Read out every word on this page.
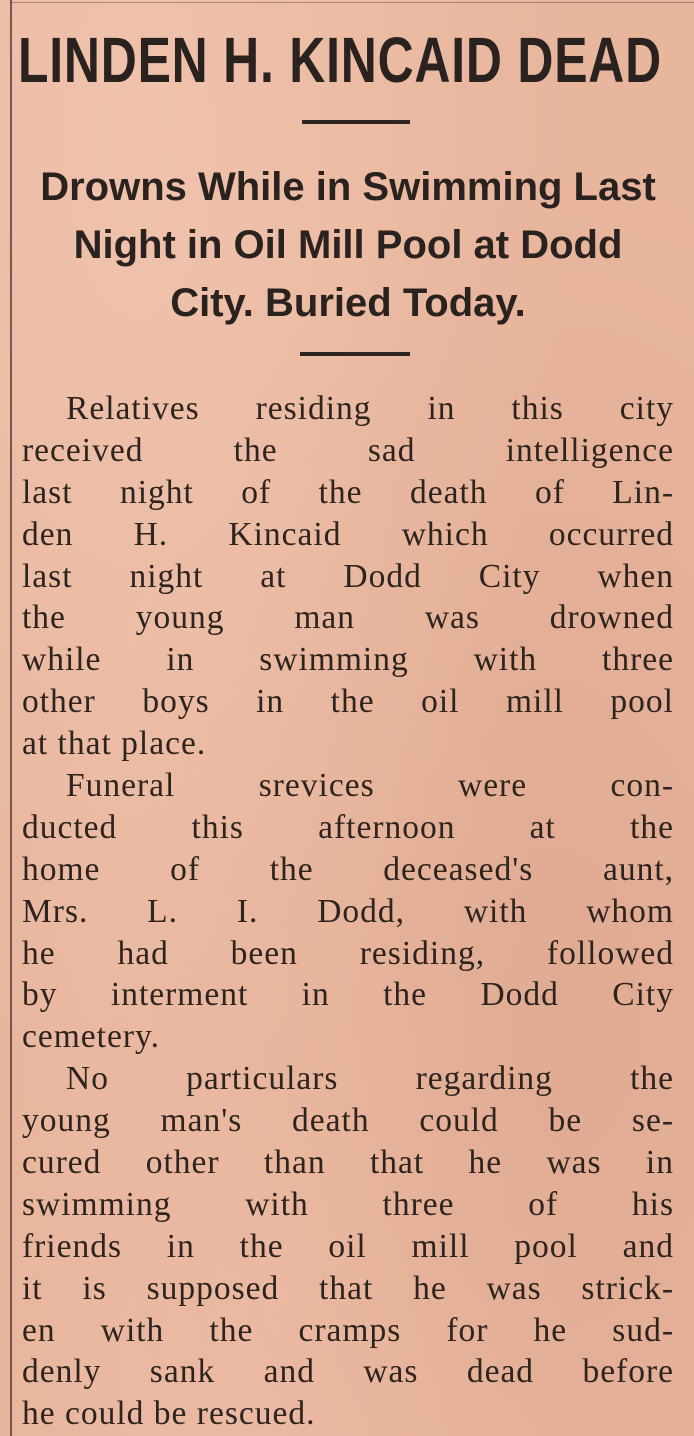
LINDEN H. KINCAID DEAD
Drowns While in Swimming Last
Night in Oil Mill Pool at Dodd
City. Buried Today.
Relatives residing in this city
received the sad intelligence
last night of the death of Lin-
den H. Kincaid which occurred
last night at Dodd City when
the young man was drowned
while in swimming with three
other boys in the oil mill pool
at that place.
Funeral srevices were con-
ducted this afternoon at the
home of the deceased's aunt,
Mrs. L. I. Dodd, with whom
he had been residing, followed
by interment in the Dodd City
cemetery.
No particulars regarding the
young man's death could be se-
cured other than that he was in
swimming with three of his
friends in the oil mill pool and
it is supposed that he was strick-
en with the cramps for he sud-
denly sank and was dead before
he could be rescued.
